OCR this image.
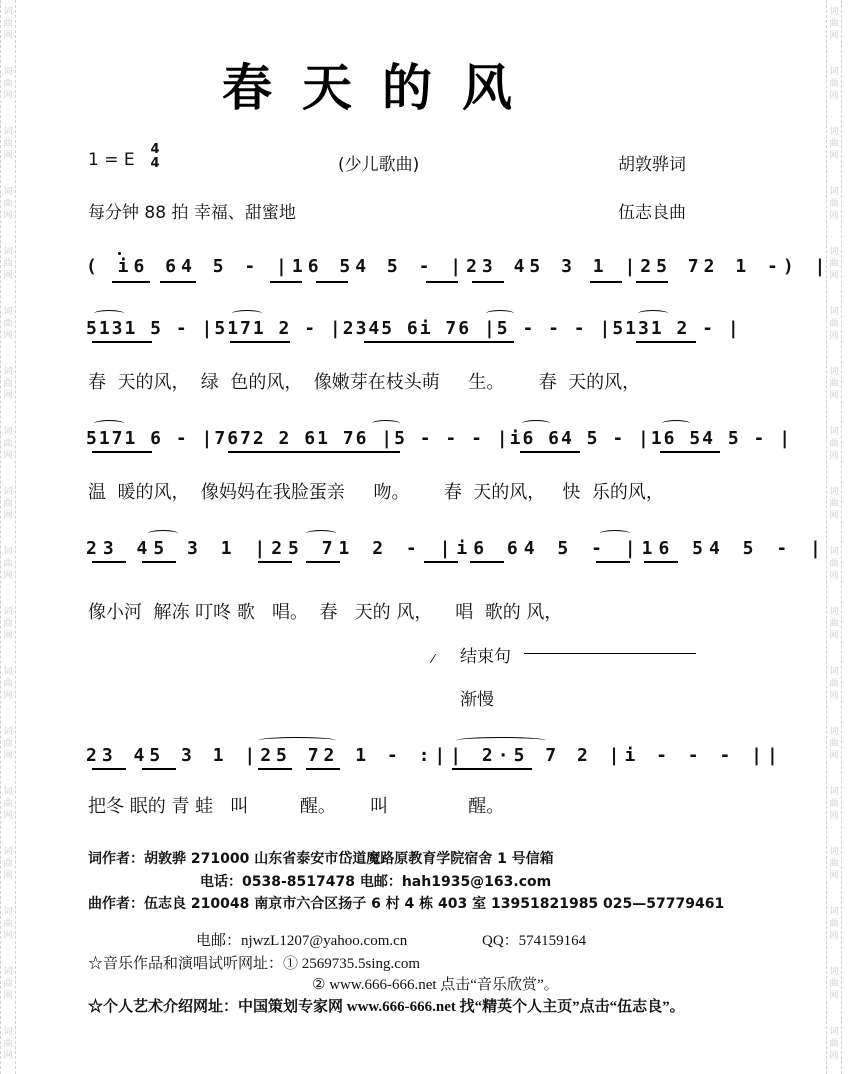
词
曲
网
词
曲
网
词
曲
网
词
曲
网
词
曲
网
词
曲
网
词
曲
网
词
曲
网
词
曲
网
词
曲
网
词
曲
网
词
曲
网
词
曲
网
词
曲
网
词
曲
网
词
曲
网
词
曲
网
词
曲
网
词
曲
网
词
曲
网
词
曲
网
词
曲
网
词
曲
网
词
曲
网
词
曲
网
词
曲
网
词
曲
网
词
曲
网
词
曲
网
词
曲
网
词
曲
网
词
曲
网
词
曲
网
词
曲
网
词
曲
网
词
曲
网
春天的风
1 = E
4
4	(少儿歌曲)	胡敦骅词
每分钟 88 拍 幸福、甜蜜地	伍志良曲
( i6 64 5 - |16 54 5 - |23 45 3 1 |25 72 1 -) |
5131 5 - |5171 2 - |2345 6i 76 |5 - - - |5131 2 - |
春  天的风，  绿  色的风，  像嫩芽在枝头萌     生。      春  天的风，
5171 6 - |7672 2 61 76 |5 - - - |i6 64 5 - |16 54 5 - |
温  暖的风，  像妈妈在我脸蛋亲     吻。      春  天的风，   快  乐的风，
23 45 3 1 |25 71 2 - |i6 64 5 - |16 54 5 - |
像小河  解冻 叮咚 歌   唱。  春   天的 风，    唱  歌的 风，
⁄ 结束句
渐慢
23 45 3 1 |25 72 1 - :|| 2·5 7 2 |i - - - ||
把冬 眠的 青 蛙   叫         醒。      叫              醒。
词作者：胡敦骅 271000 山东省泰安市岱道魔路原教育学院宿舍 1 号信箱
电话：0538-8517478 电邮：hah1935@163.com
曲作者：伍志良 210048 南京市六合区扬子 6 村 4 栋 403 室 13951821985 025—57779461
电邮：njwzL1207@yahoo.com.cn	QQ：574159164
☆音乐作品和演唱试听网址：① 2569735.5sing.com
② www.666-666.net 点击“音乐欣赏”。
☆个人艺术介绍网址：中国策划专家网 www.666-666.net 找“精英个人主页”点击“伍志良”。
